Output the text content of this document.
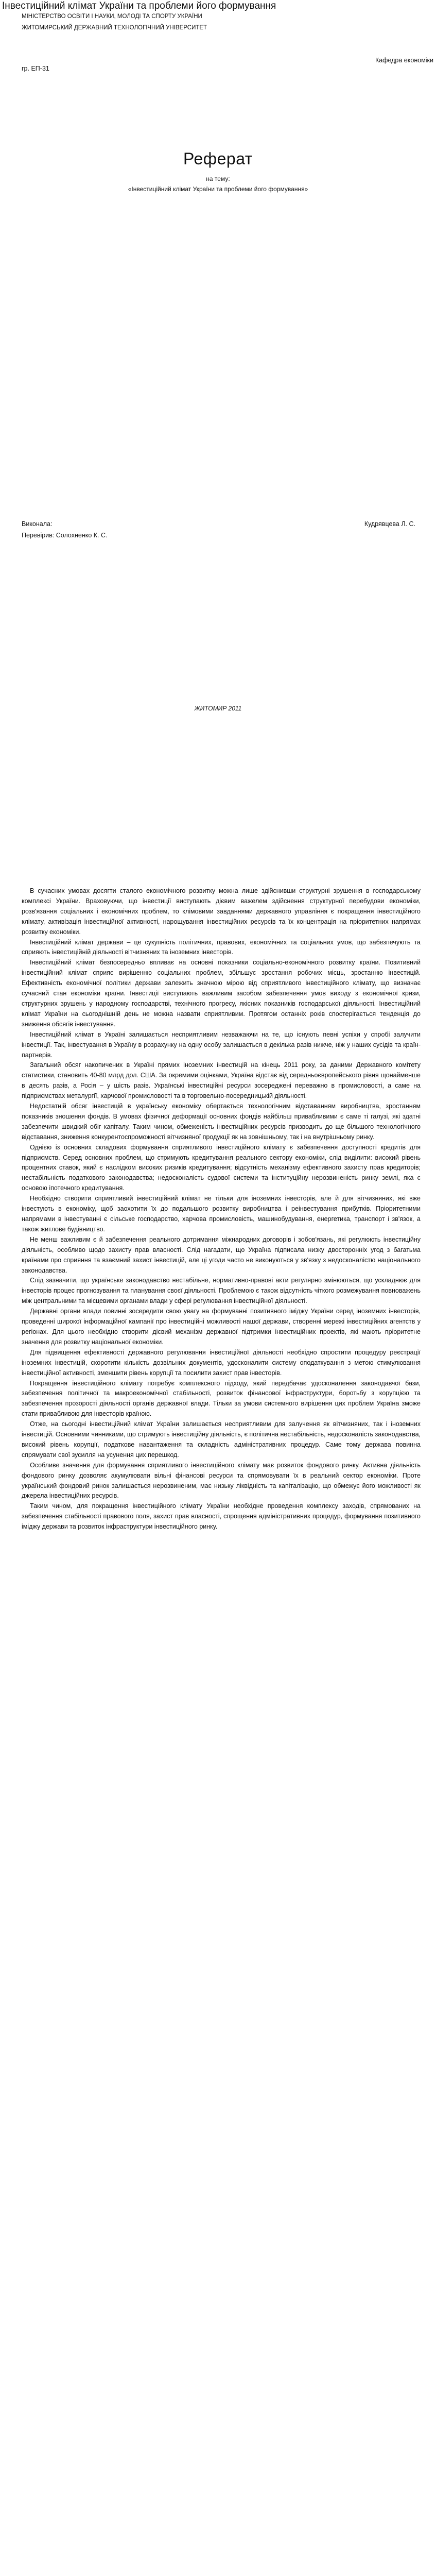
Інвестиційний клімат України та проблеми його формування
МІНІСТЕРСТВО ОСВІТИ І НАУКИ, МОЛОДІ ТА СПОРТУ УКРАЇНИ
ЖИТОМИРСЬКИЙ ДЕРЖАВНИЙ ТЕХНОЛОГІЧНИЙ УНІВЕРСИТЕТ
Кафедра економіки
гр. ЕП-31
Реферат
на тему:
«Інвестиційний клімат України та проблеми його формування»
Виконала:	Кудрявцева Л. С.
Перевірив: Солохненко К. С.
ЖИТОМИР 2011

В сучасних умовах досягти сталого економічного розвитку можна лише здійснивши структурні зрушення в господарському комплексі України. Враховуючи, що інвестиції виступають дієвим важелем здійснення структурної перебудови економіки, розв'язання соціальних і економічних проблем, то клімовими завданнями державного управління є покращення інвестиційного клімату, активізація інвестиційної активності, нарощування інвестиційних ресурсів та їх концентрація на пріоритетних напрямах розвитку економіки.

Інвестиційний клімат держави – це сукупність політичних, правових, економічних та соціальних умов, що забезпечують та сприяють інвестиційній діяльності вітчизняних та іноземних інвесторів.

Інвестиційний клімат безпосередньо впливає на основні показники соціально-економічного розвитку країни. Позитивний інвестиційний клімат сприяє вирішенню соціальних проблем, збільшує зростання робочих місць, зростанню інвестицій. Ефективність економічної політики держави залежить значною мірою від сприятливого інвестиційного клімату, що визначає сучасний стан економіки країни. Інвестиції виступають важливим засобом забезпечення умов виходу з економічної кризи, структурних зрушень у народному господарстві, технічного прогресу, якісних показників господарської діяльності. Інвестиційний клімат України на сьогоднішній день не можна назвати сприятливим. Протягом останніх років спостерігається тенденція до зниження обсягів інвестування.

Інвестиційний клімат в Україні залишається несприятливим незважаючи на те, що існують певні успіхи у спробі залучити інвестиції. Так, інвестування в Україну в розрахунку на одну особу залишається в декілька разів нижче, ніж у наших сусідів та країн-партнерів.

Загальний обсяг накопичених в Україні прямих іноземних інвестицій на кінець 2011 року, за даними Державного комітету статистики, становить 40-80 млрд дол. США. За окремими оцінками, Україна відстає від середньоєвропейського рівня щонайменше в десять разів, а Росія – у шість разів. Українські інвестиційні ресурси зосереджені переважно в промисловості, а саме на підприємствах металургії, харчової промисловості та в торговельно-посередницькій діяльності.

Недостатній обсяг інвестицій в українську економіку обертається технологічним відставанням виробництва, зростанням показників зношення фондів. В умовах фізичної деформації основних фондів найбільш привабливими є саме ті галузі, які здатні забезпечити швидкий обіг капіталу. Таким чином, обмеженість інвестиційних ресурсів призводить до ще більшого технологічного відставання, зниження конкурентоспроможності вітчизняної продукції як на зовнішньому, так і на внутрішньому ринку.

Однією із основних складових формування сприятливого інвестиційного клімату є забезпечення доступності кредитів для підприємств. Серед основних проблем, що стримують кредитування реального сектору економіки, слід виділити: високий рівень процентних ставок, який є наслідком високих ризиків кредитування; відсутність механізму ефективного захисту прав кредиторів; нестабільність податкового законодавства; недосконалість судової системи та інституційну нерозвиненість ринку землі, яка є основою іпотечного кредитування.

Необхідно створити сприятливий інвестиційний клімат не тільки для іноземних інвесторів, але й для вітчизняних, які вже інвестують в економіку, щоб заохотити їх до подальшого розвитку виробництва і реінвестування прибутків. Пріоритетними напрямами в інвестуванні є сільське господарство, харчова промисловість, машинобудування, енергетика, транспорт і зв'язок, а також житлове будівництво.

Не менш важливим є й забезпечення реального дотримання міжнародних договорів і зобов'язань, які регулюють інвестиційну діяльність, особливо щодо захисту прав власності. Слід нагадати, що Україна підписала низку двосторонніх угод з багатьма країнами про сприяння та взаємний захист інвестицій, але ці угоди часто не виконуються у зв'язку з недосконалістю національного законодавства.

Слід зазначити, що українське законодавство нестабільне, нормативно-правові акти регулярно змінюються, що ускладнює для інвесторів процес прогнозування та планування своєї діяльності. Проблемою є також відсутність чіткого розмежування повноважень між центральними та місцевими органами влади у сфері регулювання інвестиційної діяльності.

Державні органи влади повинні зосередити свою увагу на формуванні позитивного іміджу України серед іноземних інвесторів, проведенні широкої інформаційної кампанії про інвестиційні можливості нашої держави, створенні мережі інвестиційних агентств у регіонах. Для цього необхідно створити дієвий механізм державної підтримки інвестиційних проектів, які мають пріоритетне значення для розвитку національної економіки.

Для підвищення ефективності державного регулювання інвестиційної діяльності необхідно спростити процедуру реєстрації іноземних інвестицій, скоротити кількість дозвільних документів, удосконалити систему оподаткування з метою стимулювання інвестиційної активності, зменшити рівень корупції та посилити захист прав інвесторів.

Покращення інвестиційного клімату потребує комплексного підходу, який передбачає удосконалення законодавчої бази, забезпечення політичної та макроекономічної стабільності, розвиток фінансової інфраструктури, боротьбу з корупцією та забезпечення прозорості діяльності органів державної влади. Тільки за умови системного вирішення цих проблем Україна зможе стати привабливою для інвесторів країною.

Отже, на сьогодні інвестиційний клімат України залишається несприятливим для залучення як вітчизняних, так і іноземних інвестицій. Основними чинниками, що стримують інвестиційну діяльність, є політична нестабільність, недосконалість законодавства, високий рівень корупції, податкове навантаження та складність адміністративних процедур. Саме тому держава повинна спрямувати свої зусилля на усунення цих перешкод.

Особливе значення для формування сприятливого інвестиційного клімату має розвиток фондового ринку. Активна діяльність фондового ринку дозволяє акумулювати вільні фінансові ресурси та спрямовувати їх в реальний сектор економіки. Проте український фондовий ринок залишається нерозвиненим, має низьку ліквідність та капіталізацію, що обмежує його можливості як джерела інвестиційних ресурсів.

Таким чином, для покращення інвестиційного клімату України необхідне проведення комплексу заходів, спрямованих на забезпечення стабільності правового поля, захист прав власності, спрощення адміністративних процедур, формування позитивного іміджу держави та розвиток інфраструктури інвестиційного ринку.
